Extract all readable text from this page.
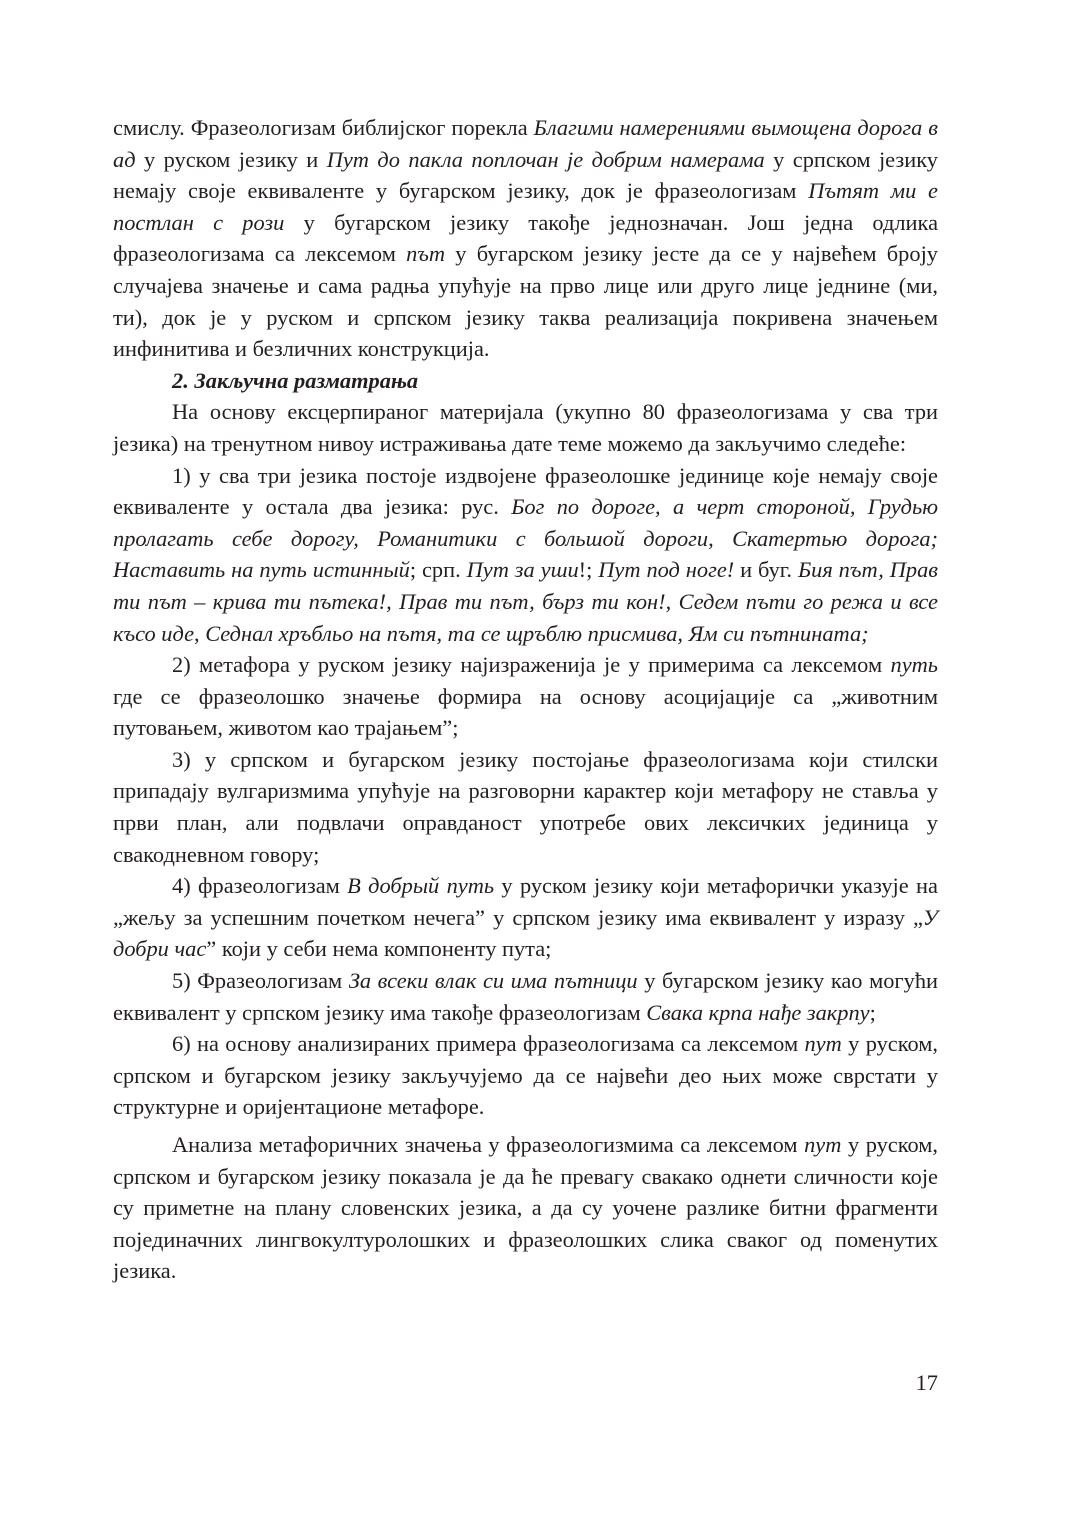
смислу. Фразеологизам библијског порекла Благими намерениями вымощена дорога в ад у руском језику и Пут до пакла поплочан је добрим намерама у српском језику немају своје еквиваленте у бугарском језику, док је фразеологизам Пътят ми е постлан с рози у бугарском језику такође једнозначан. Још једна одлика фразеологизама са лексемом път у бугарском језику јесте да се у највећем броју случајева значење и сама радња упућује на прво лице или друго лице једнине (ми, ти), док је у руском и српском језику таква реализација покривена значењем инфинитива и безличних конструкција.

2. Закључна разматрања

На основу ексцерпираног материјала (укупно 80 фразеологизама у сва три језика) на тренутном нивоу истраживања дате теме можемо да закључимо следеће:

1) у сва три језика постоје издвојене фразеолошке јединице које немају своје еквиваленте у остала два језика: рус. Бог по дороге, а черт стороной, Грудью пролагать себе дорогу, Романитики с большой дороги, Скатертью дорога; Наставить на путь истинный; срп. Пут за уши!; Пут под ноге! и буг. Бия път, Прав ти път – крива ти пътека!, Прав ти път, бърз ти кон!, Седем пъти го режа и все късо иде, Седнал хръбльо на пътя, та се щръблю присмива, Ям си пътнината;

2) метафора у руском језику најизраженија је у примерима са лексемом путь где се фразеолошко значење формира на основу асоцијације са „животним путовањем, животом као трајањем”;

3) у српском и бугарском језику постојање фразеологизама који стилски припадају вулгаризмима упућује на разговорни карактер који метафору не стављa у први план, али подвлачи оправданост употребе ових лексичких јединица у свакодневном говору;

4) фразеологизам В добрый путь у руском језику који метафорички указује на „жељу за успешним почетком нечега” у српском језику има еквивалент у изразу „У добри час” који у себи нема компоненту пута;

5) Фразеологизам За всеки влак си има пътници у бугарском језику као могући еквивалент у српском језику има такође фразеологизам Свака крпа нађе закрпу;

6) на основу анализираних примера фразеологизама са лексемом пут у руском, српском и бугарском језику закључујемо да се највећи део њих може сврстати у структурне и оријентационе метафоре.

Анализа метафоричних значења у фразеологизмима са лексемом пут у руском, српском и бугарском језику показала је да ће превагу свакако однети сличности које су приметне на плану словенских језика, а да су уочене разлике битни фрагменти појединачних лингвокултуролошких и фразеолошких слика сваког од поменутих језика.

17
